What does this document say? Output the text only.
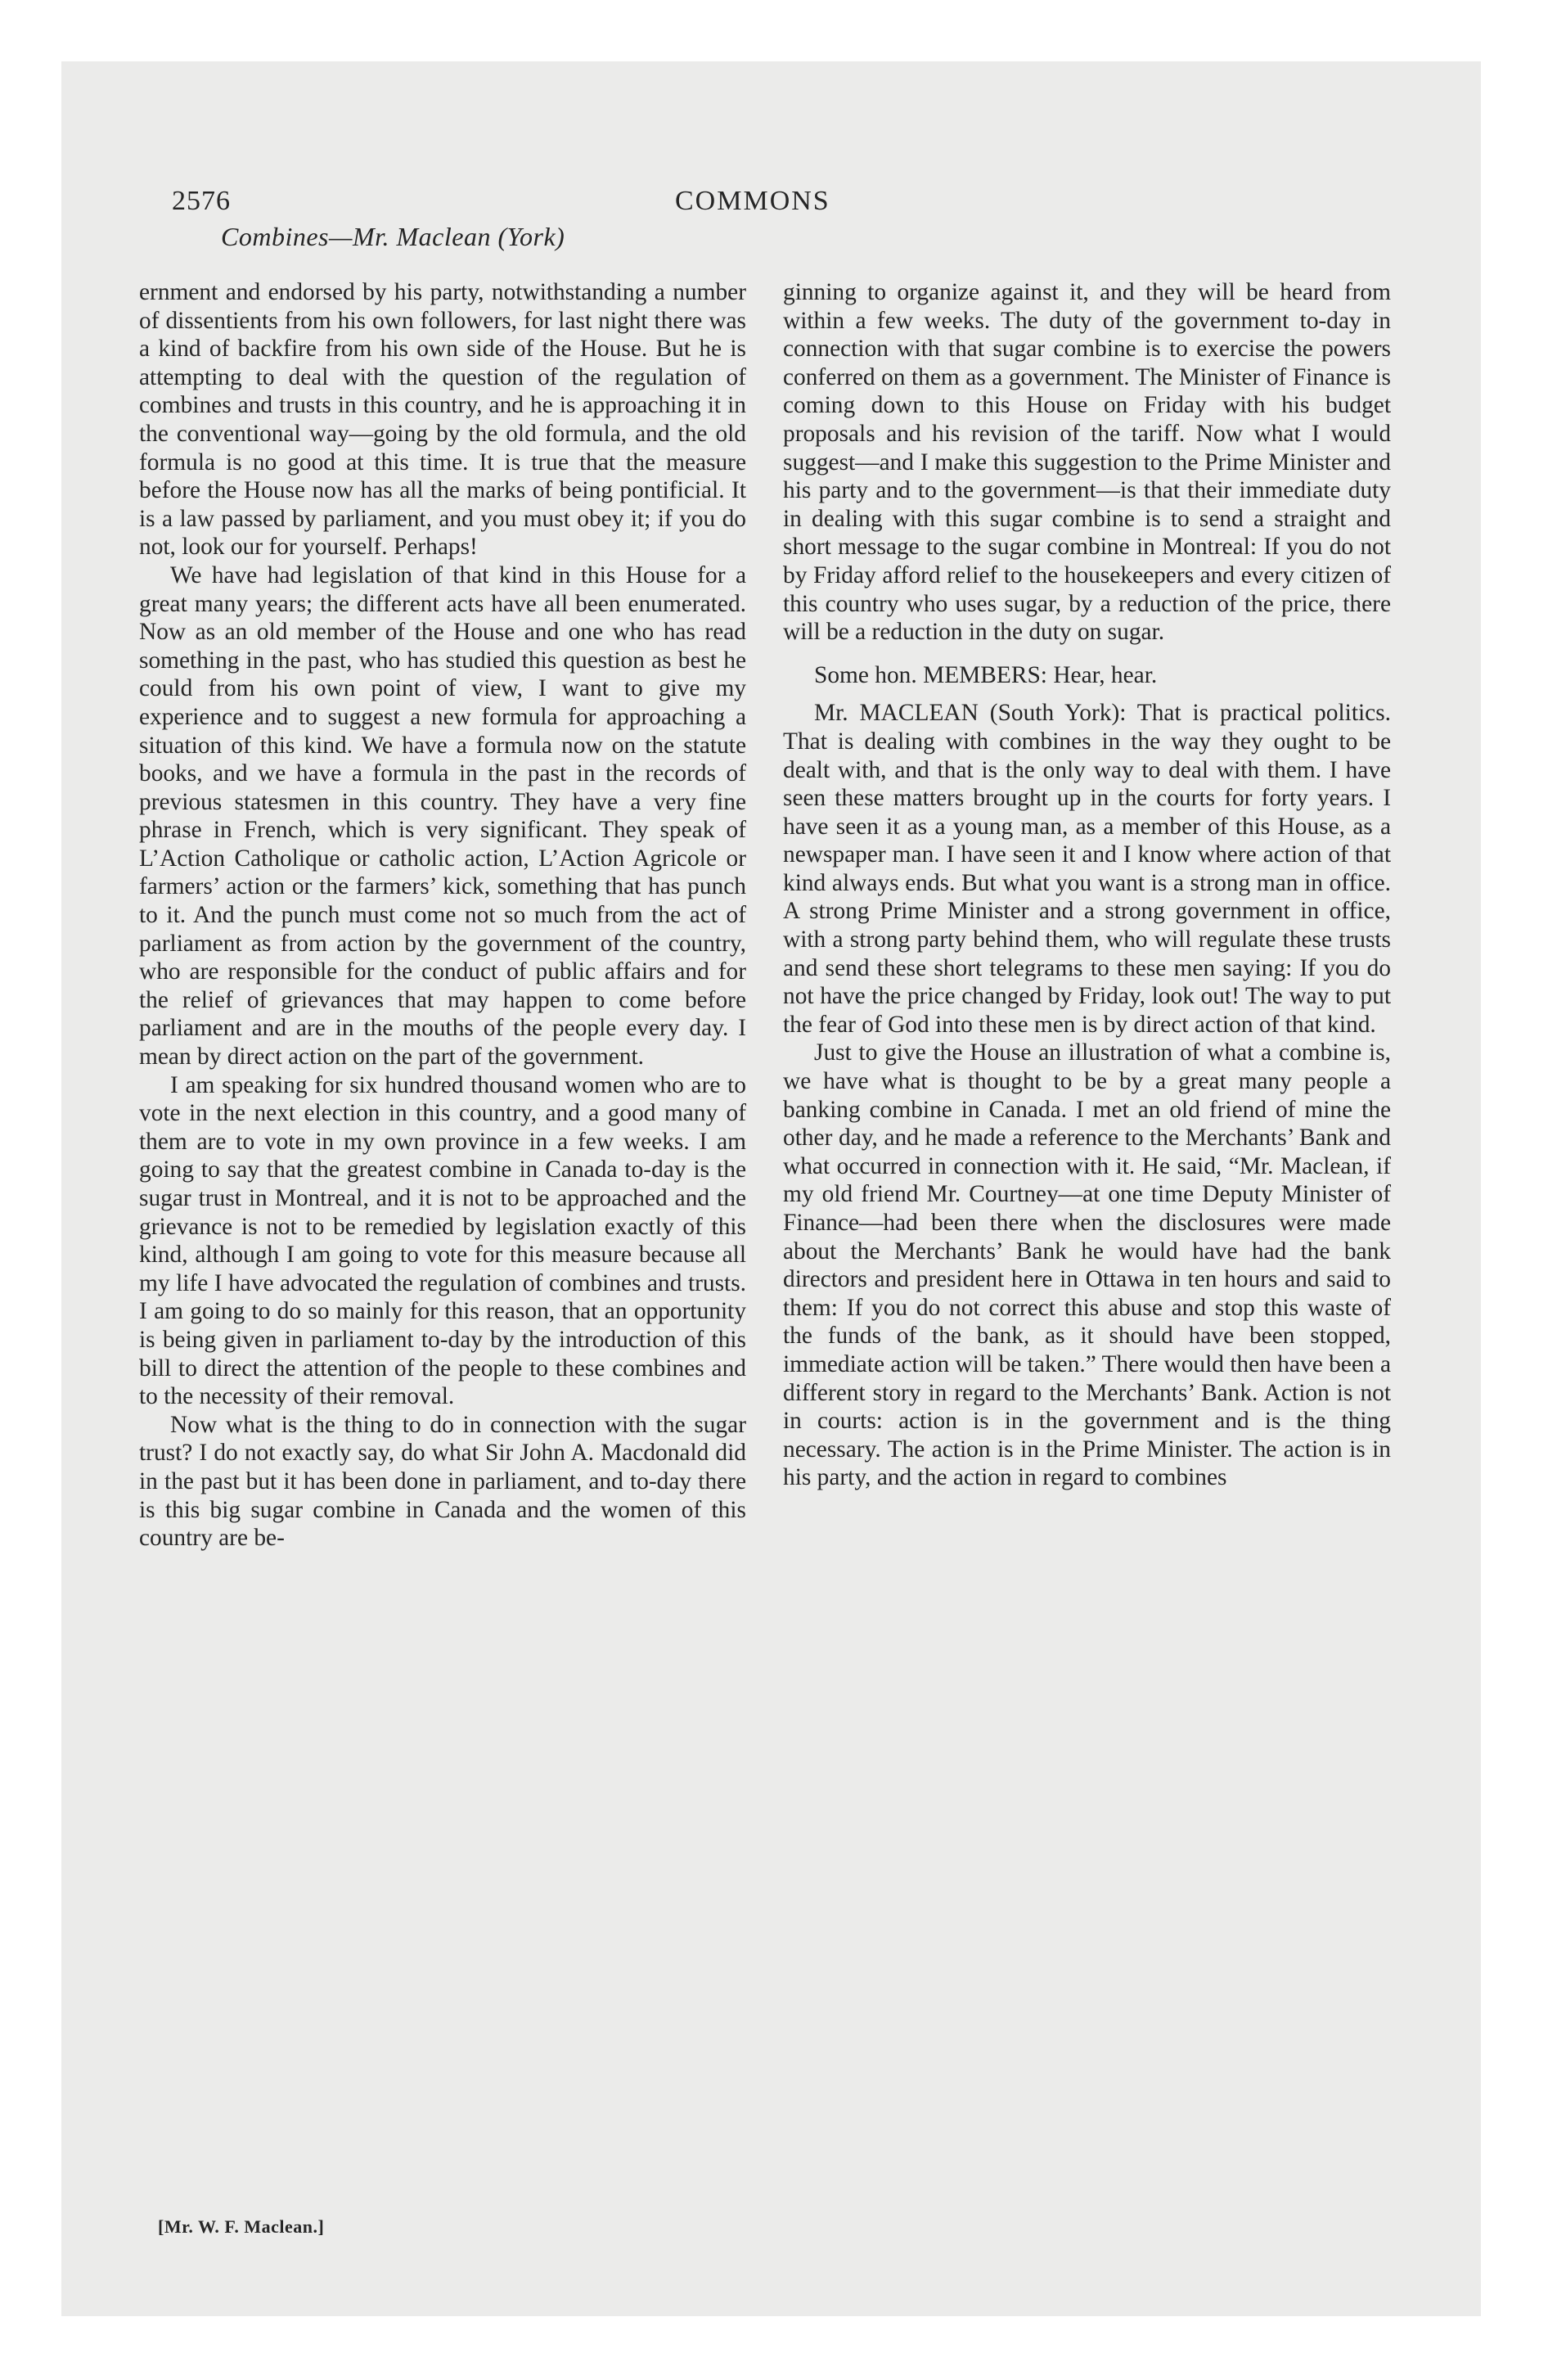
2576	COMMONS
Combines—Mr. Maclean (York)

ernment and endorsed by his party, notwithstanding a number of dissentients from his own followers, for last night there was a kind of backfire from his own side of the House. But he is attempting to deal with the question of the regulation of combines and trusts in this country, and he is approaching it in the conventional way—going by the old formula, and the old formula is no good at this time. It is true that the measure before the House now has all the marks of being pontificial. It is a law passed by parliament, and you must obey it; if you do not, look our for yourself. Perhaps!

We have had legislation of that kind in this House for a great many years; the different acts have all been enumerated. Now as an old member of the House and one who has read something in the past, who has studied this question as best he could from his own point of view, I want to give my experience and to suggest a new formula for approaching a situation of this kind. We have a formula now on the statute books, and we have a formula in the past in the records of previous statesmen in this country. They have a very fine phrase in French, which is very significant. They speak of L’Action Catholique or catholic action, L’Action Agricole or farmers’ action or the farmers’ kick, something that has punch to it. And the punch must come not so much from the act of parliament as from action by the government of the country, who are responsible for the conduct of public affairs and for the relief of grievances that may happen to come before parliament and are in the mouths of the people every day. I mean by direct action on the part of the government.

I am speaking for six hundred thousand women who are to vote in the next election in this country, and a good many of them are to vote in my own province in a few weeks. I am going to say that the greatest combine in Canada to-day is the sugar trust in Montreal, and it is not to be approached and the grievance is not to be remedied by legislation exactly of this kind, although I am going to vote for this measure because all my life I have advocated the regulation of combines and trusts. I am going to do so mainly for this reason, that an opportunity is being given in parliament to-day by the introduction of this bill to direct the attention of the people to these combines and to the necessity of their removal.

Now what is the thing to do in connection with the sugar trust? I do not exactly say, do what Sir John A. Macdonald did in the past but it has been done in parliament, and to-day there is this big sugar combine in Canada and the women of this country are be-

ginning to organize against it, and they will be heard from within a few weeks. The duty of the government to-day in connection with that sugar combine is to exercise the powers conferred on them as a government. The Minister of Finance is coming down to this House on Friday with his budget proposals and his revision of the tariff. Now what I would suggest—and I make this suggestion to the Prime Minister and his party and to the government—is that their immediate duty in dealing with this sugar combine is to send a straight and short message to the sugar combine in Montreal: If you do not by Friday afford relief to the housekeepers and every citizen of this country who uses sugar, by a reduction of the price, there will be a reduction in the duty on sugar.

Some hon. MEMBERS: Hear, hear.

Mr. MACLEAN (South York): That is practical politics. That is dealing with combines in the way they ought to be dealt with, and that is the only way to deal with them. I have seen these matters brought up in the courts for forty years. I have seen it as a young man, as a member of this House, as a newspaper man. I have seen it and I know where action of that kind always ends. But what you want is a strong man in office. A strong Prime Minister and a strong government in office, with a strong party behind them, who will regulate these trusts and send these short telegrams to these men saying: If you do not have the price changed by Friday, look out! The way to put the fear of God into these men is by direct action of that kind.

Just to give the House an illustration of what a combine is, we have what is thought to be by a great many people a banking combine in Canada. I met an old friend of mine the other day, and he made a reference to the Merchants’ Bank and what occurred in connection with it. He said, “Mr. Maclean, if my old friend Mr. Courtney—at one time Deputy Minister of Finance—had been there when the disclosures were made about the Merchants’ Bank he would have had the bank directors and president here in Ottawa in ten hours and said to them: If you do not correct this abuse and stop this waste of the funds of the bank, as it should have been stopped, immediate action will be taken.” There would then have been a different story in regard to the Merchants’ Bank. Action is not in courts: action is in the government and is the thing necessary. The action is in the Prime Minister. The action is in his party, and the action in regard to combines

[Mr. W. F. Maclean.]
